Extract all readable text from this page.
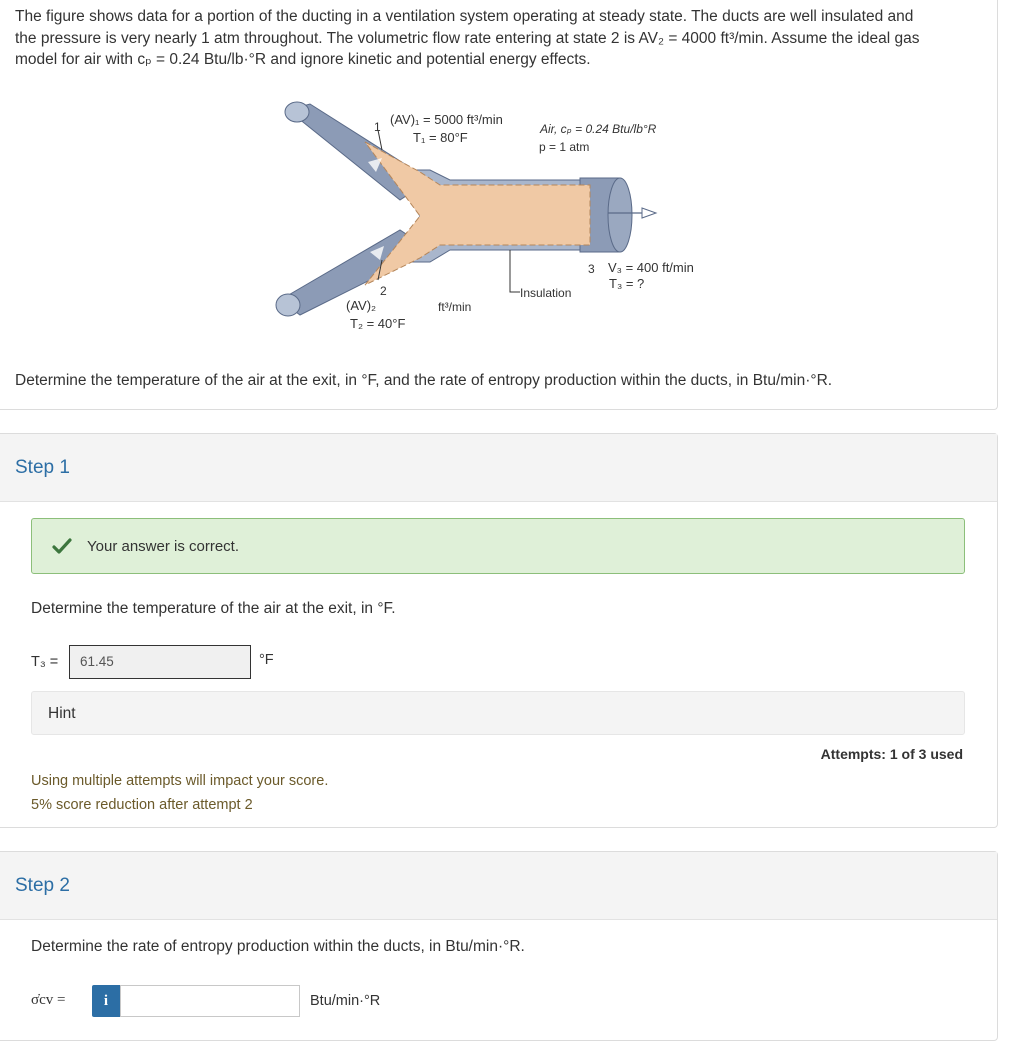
The figure shows data for a portion of the ducting in a ventilation system operating at steady state. The ducts are well insulated and
the pressure is very nearly 1 atm throughout. The volumetric flow rate entering at state 2 is AV₂ = 4000 ft³/min. Assume the ideal gas
model for air with cₚ = 0.24 Btu/lb·°R and ignore kinetic and potential energy effects.
1 (AV)₁ = 5000 ft³/min
T₁ = 80°F
Air, cₚ = 0.24 Btu/lb°R
p = 1 atm
2
(AV)₂
T₂ = 40°F
ft³/min
Insulation
3 V₃ = 400 ft/min
T₃ = ?
Determine the temperature of the air at the exit, in °F, and the rate of entropy production within the ducts, in Btu/min·°R.
Step 1
Your answer is correct.
Determine the temperature of the air at the exit, in °F.
T₃ =	61.45	°F
Hint
Attempts: 1 of 3 used
Using multiple attempts will impact your score.
5% score reduction after attempt 2
Step 2
Determine the rate of entropy production within the ducts, in Btu/min·°R.
σ̇cv =	i	Btu/min·°R
